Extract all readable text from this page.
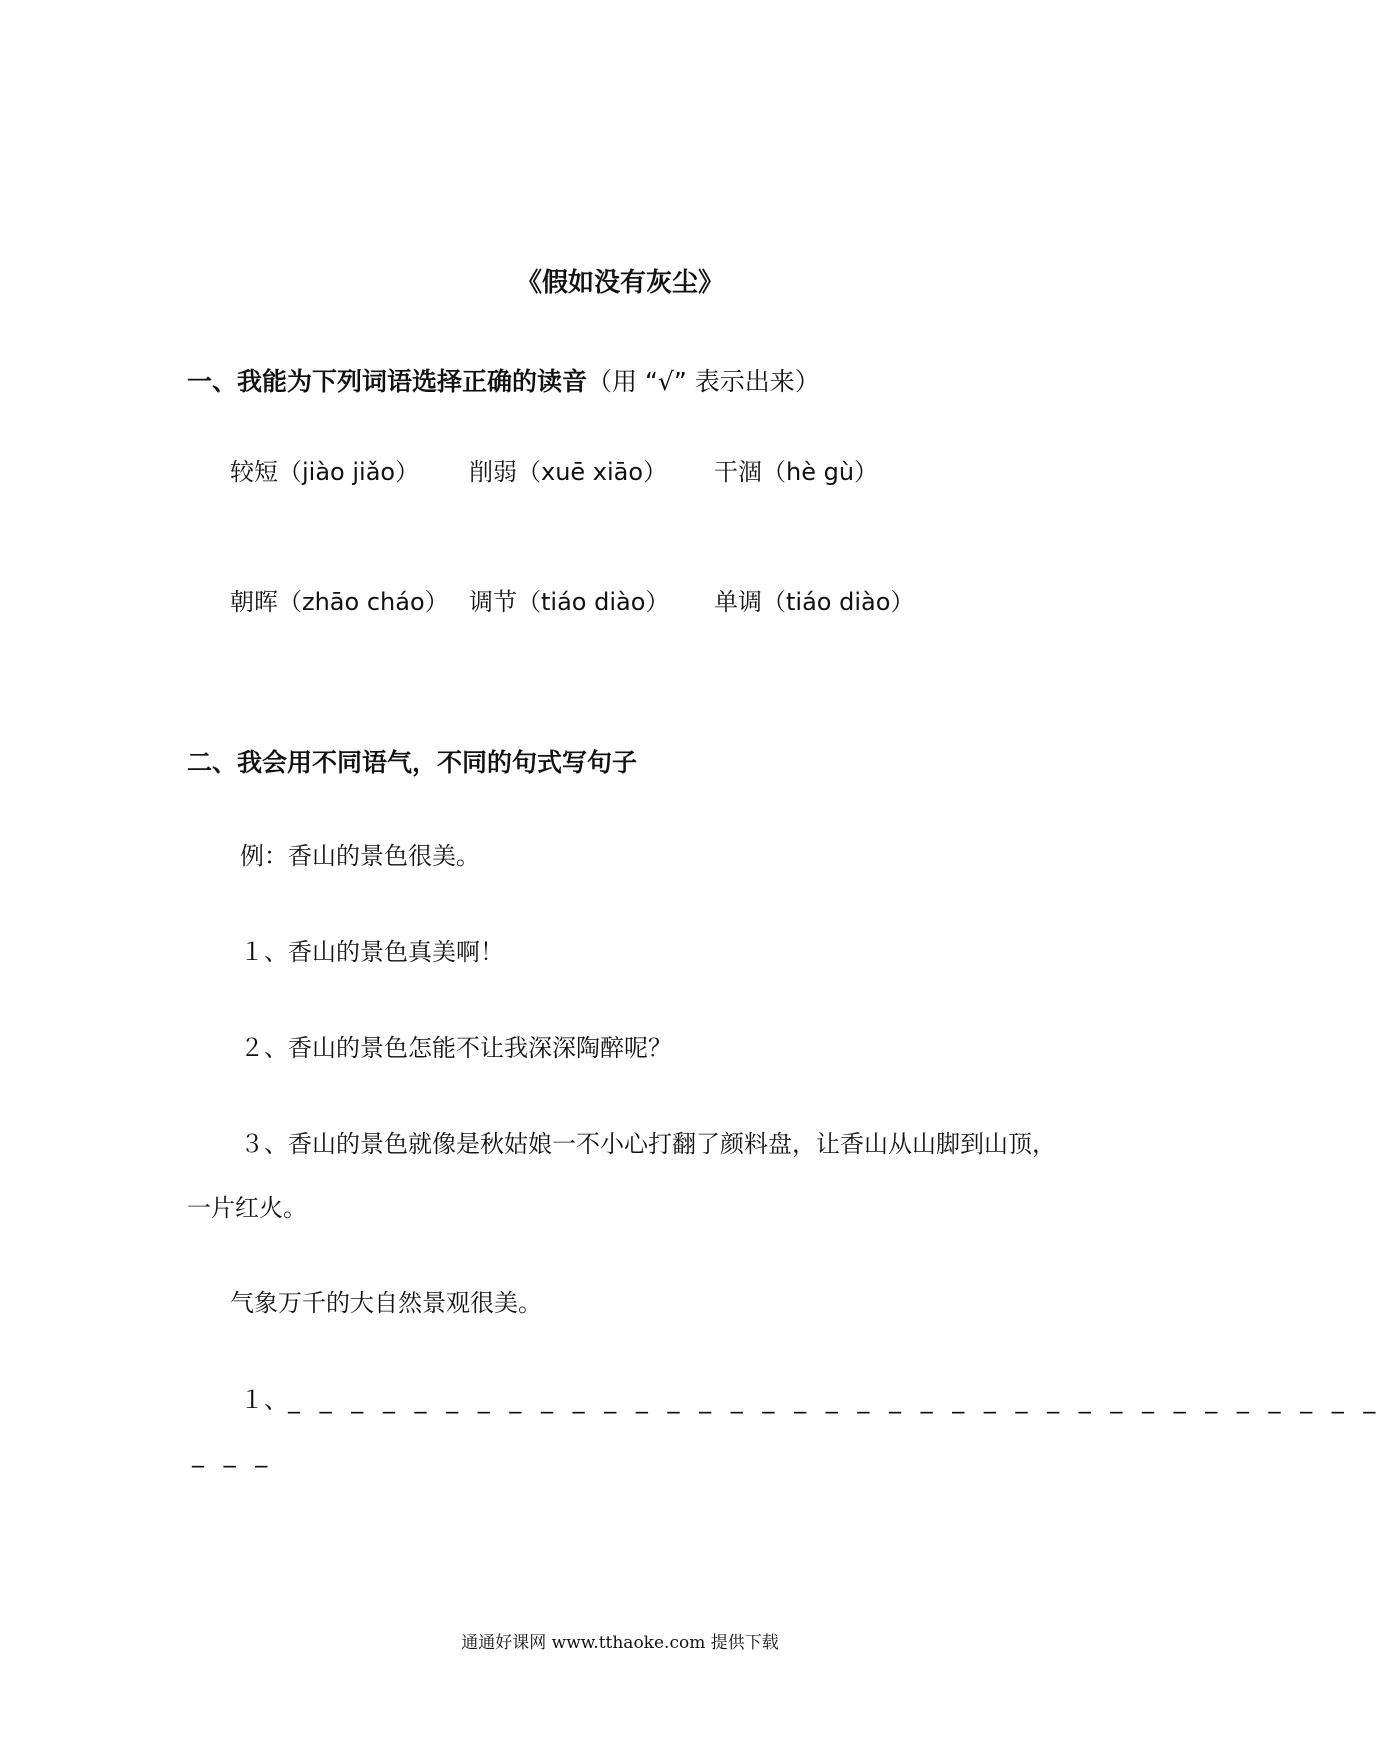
《假如没有灰尘》
一、我能为下列词语选择正确的读音（用 “√” 表示出来）
较短（jiào jiǎo） 削弱（xuē xiāo） 干涸（hè gù）
朝晖（zhāo cháo） 调节（tiáo diào） 单调（tiáo diào）
二、我会用不同语气，不同的句式写句子
例：香山的景色很美。
１、香山的景色真美啊！
２、香山的景色怎能不让我深深陶醉呢？
３、香山的景色就像是秋姑娘一不小心打翻了颜料盘，让香山从山脚到山顶，
一片红火。
气象万千的大自然景观很美。
１、_ _ _ _ _ _ _ _ _ _ _ _ _ _ _ _ _ _ _ _ _ _ _ _ _ _ _ _ _ _ _ _ _ _ _
_ _ _
通通好课网 www.tthaoke.com 提供下载
